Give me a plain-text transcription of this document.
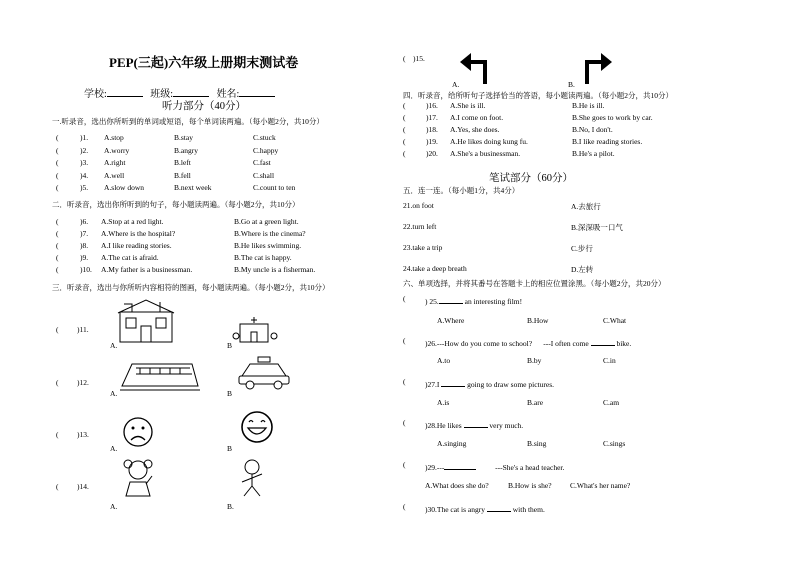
PEP(三起)六年级上册期末测试卷
学校:	班级:	姓名:
听力部分（40分）
一.听录音，选出你所听到的单词或短语，每个单词读两遍。（每小题2分，共10分）
(	)1. A.stop	B.stay	C.stuck
(	)2. A.worry	B.angry	C.happy
(	)3. A.right	B.left	C.fast
(	)4. A.well	B.fell	C.shall
(	)5. A.slow down	B.next week	C.count to ten
二．听录音，选出你所听到的句子，每小题读两遍。（每小题2分，共10分）
(	)6. A.Stop at a red light.	B.Go at a green light.
(	)7. A.Where is the hospital?	B.Where is the cinema?
(	)8. A.I like reading stories.	B.He likes swimming.
(	)9. A.The cat is afraid.	B.The cat is happy.
(	)10. A.My father is a businessman.	B.My uncle is a fisherman.
三．听录音，选出与你所听内容相符的图画，每小题读两遍。（每小题2分，共10分）
( )11.
A.	B
( )12.
A.	B
( )13.
A.	B
( )14.
A.	B.
(    )15.
A.	B.
四．听录音，给所听句子选择恰当的答语，每小题读两遍。（每小题2分，共10分）
(	)16. A.She is ill.	B.He is ill.
(	)17. A.I come on foot.	B.She goes to work by car.
(	)18. A.Yes, she does.	B.No, I don't.
(	)19. A.He likes doing kung fu.	B.I like reading stories.
(	)20. A.She's a businessman.	B.He's a pilot.
笔试部分（60分）
五．连一连。（每小题1分，共4分）
21.on foot	A.去旅行
22.turn left	B.深深吸一口气
23.take a trip	C.步行
24.take a deep breath	D.左转
六、单项选择，并将其番号在答题卡上的相应位置涂黑。（每小题2分，共20分）
(	) 25.	an interesting film!
A.Where	B.How	C.What
(	)26.---How do you come to school?      ---I often come	bike.
A.to	B.by	C.in
(	)27.I	going to draw some pictures.
A.is	B.are	C.am
(	)28.He likes	very much.
A.singing	B.sing	C.sings
(	)29.---	---She's a head teacher.
A.What does she do?	B.How is she? C.What's her name?
(	)30.The cat is angry	with them.
